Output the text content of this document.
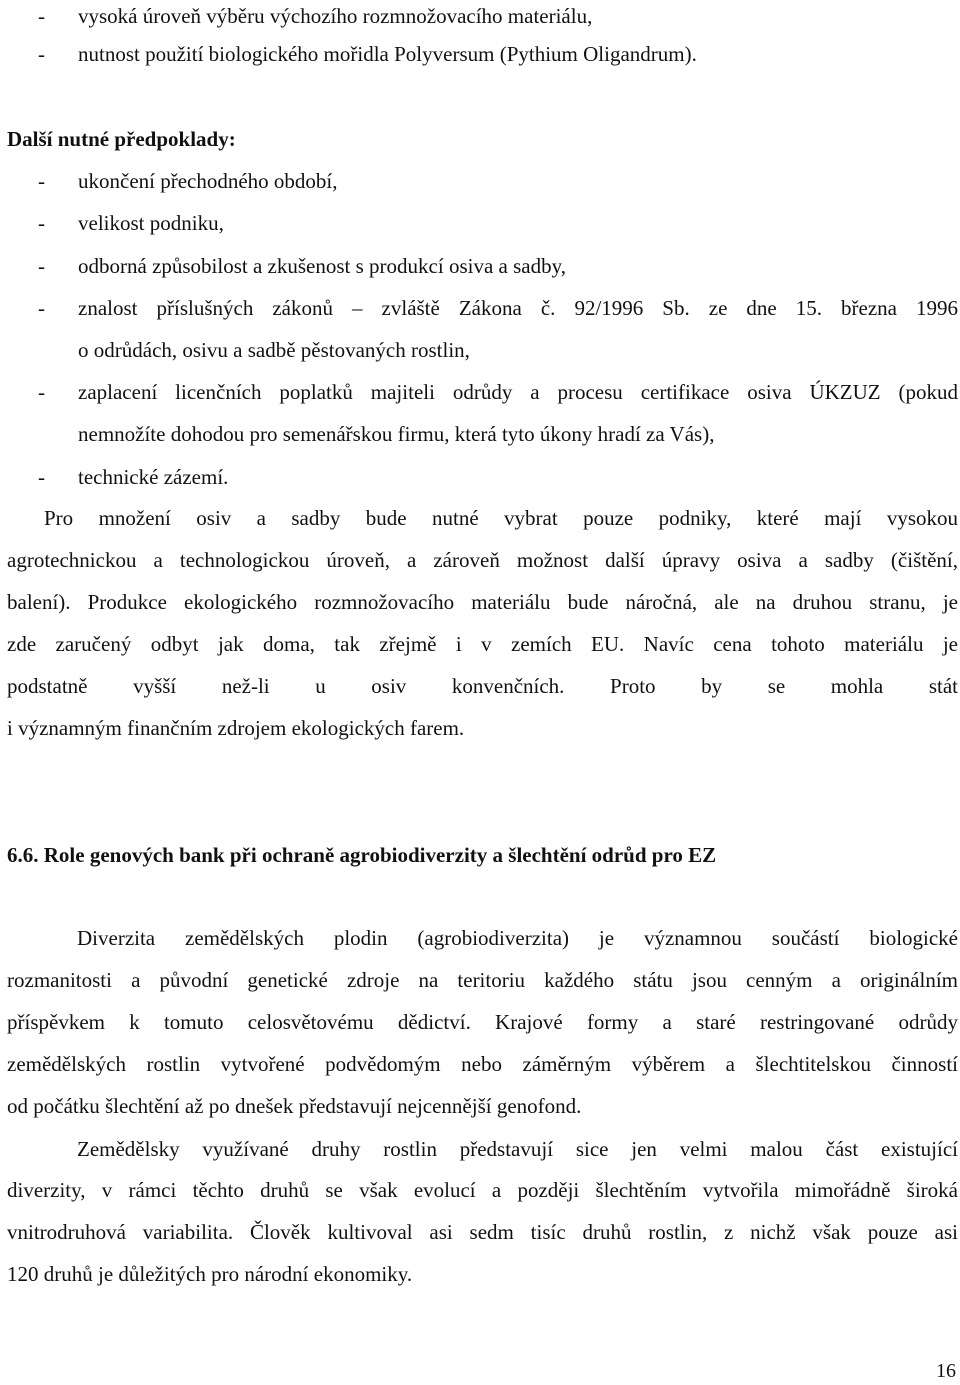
- vysoká úroveň výběru výchozího rozmnožovacího materiálu,
- nutnost použití biologického mořidla Polyversum (Pythium Oligandrum).
Další nutné předpoklady:
- ukončení přechodného období,
- velikost podniku,
- odborná způsobilost a zkušenost s produkcí osiva a sadby,
- znalost příslušných zákonů – zvláště Zákona č. 92/1996 Sb. ze dne 15. března 1996
o odrůdách, osivu a sadbě pěstovaných rostlin,
- zaplacení licenčních poplatků majiteli odrůdy a procesu certifikace osiva ÚKZUZ (pokud
nemnožíte dohodou pro semenářskou firmu, která tyto úkony hradí za Vás),
- technické zázemí.
Pro množení osiv a sadby bude nutné vybrat pouze podniky, které mají vysokou
agrotechnickou a technologickou úroveň, a zároveň možnost další úpravy osiva a sadby (čištění,
balení). Produkce ekologického rozmnožovacího materiálu bude náročná, ale na druhou stranu, je
zde zaručený odbyt jak doma, tak zřejmě i v zemích EU. Navíc cena tohoto materiálu je
podstatně vyšší než-li u osiv konvenčních. Proto by se mohla stát
i významným finančním zdrojem ekologických farem.
6.6. Role genových bank při ochraně agrobiodiverzity a šlechtění odrůd pro EZ
Diverzita zemědělských plodin (agrobiodiverzita) je významnou součástí biologické
rozmanitosti a původní genetické zdroje na teritoriu každého státu jsou cenným a originálním
příspěvkem k tomuto celosvětovému dědictví. Krajové formy a staré restringované odrůdy
zemědělských rostlin vytvořené podvědomým nebo záměrným výběrem a šlechtitelskou činností
od počátku šlechtění až po dnešek představují nejcennější genofond.
Zemědělsky využívané druhy rostlin představují sice jen velmi malou část existující
diverzity, v rámci těchto druhů se však evolucí a později šlechtěním vytvořila mimořádně široká
vnitrodruhová variabilita. Člověk kultivoval asi sedm tisíc druhů rostlin, z nichž však pouze asi
120 druhů je důležitých pro národní ekonomiky.
16
